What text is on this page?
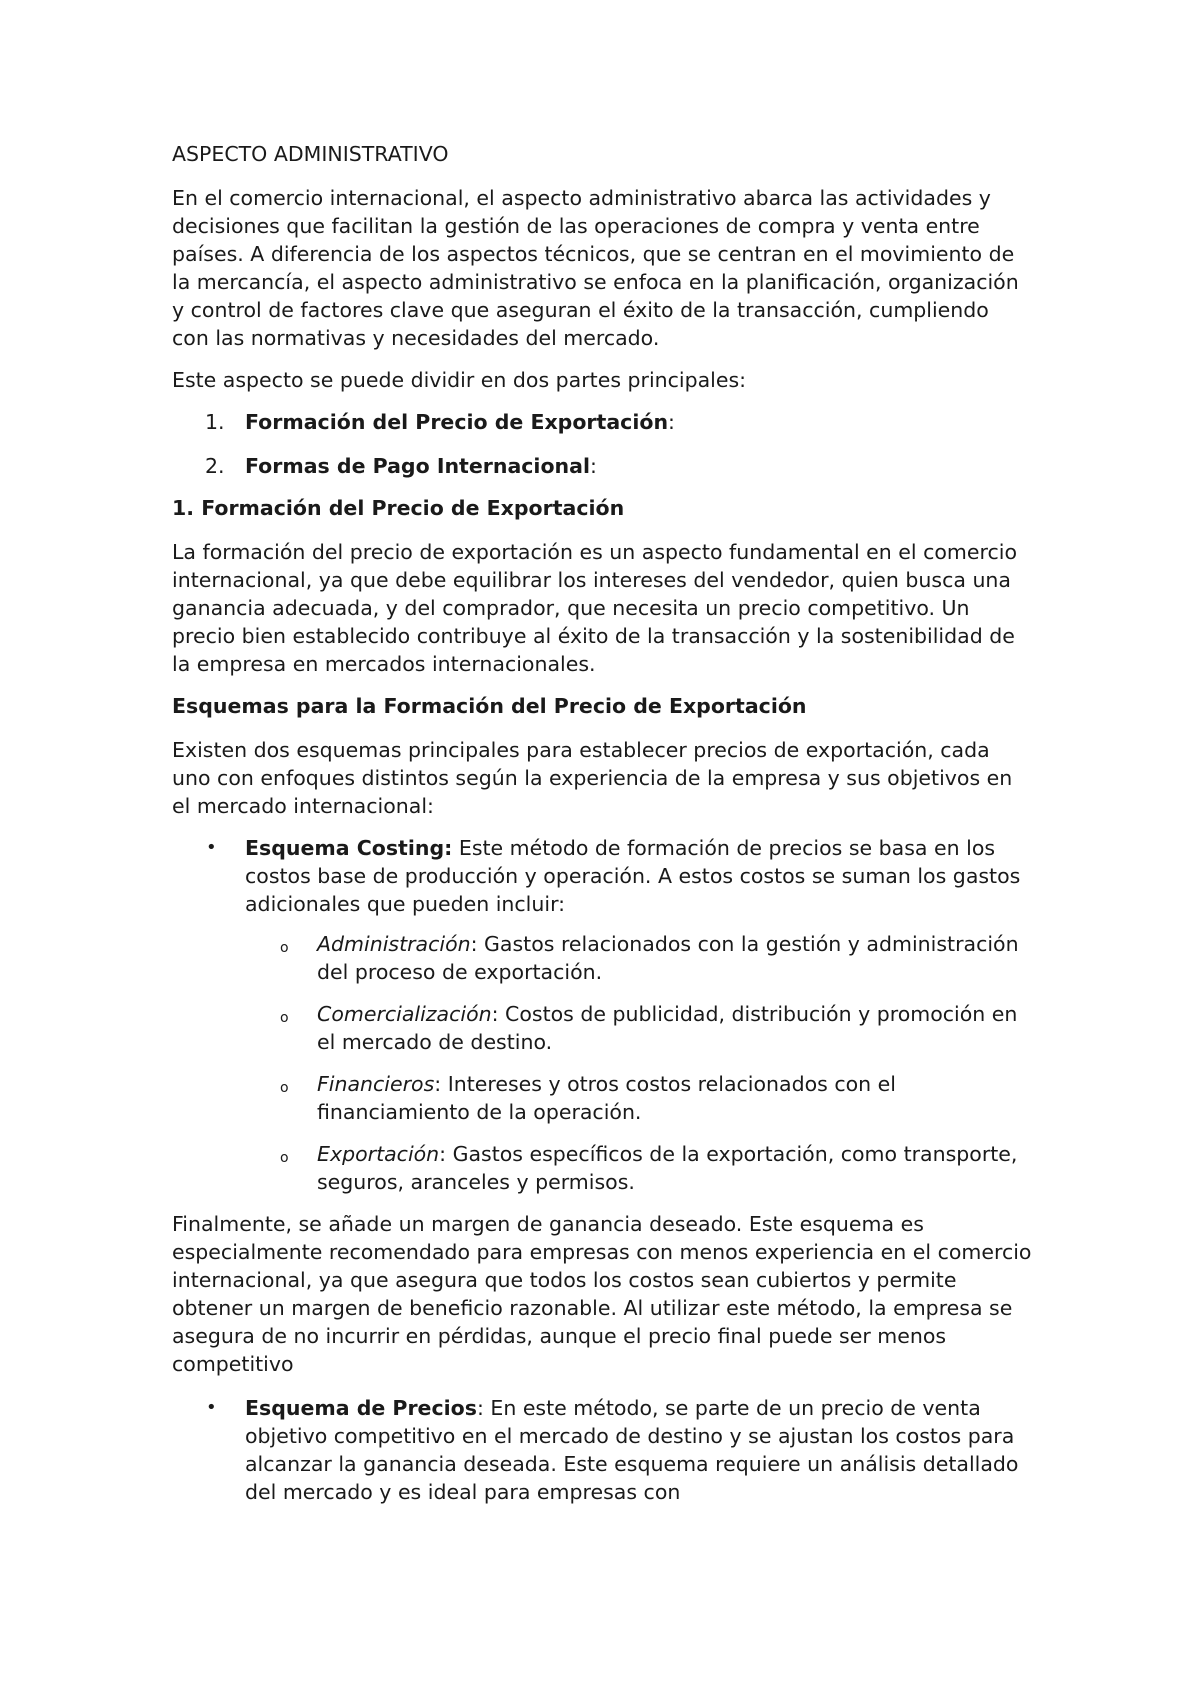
ASPECTO ADMINISTRATIVO

En el comercio internacional, el aspecto administrativo abarca las actividades y decisiones que facilitan la gestión de las operaciones de compra y venta entre países. A diferencia de los aspectos técnicos, que se centran en el movimiento de la mercancía, el aspecto administrativo se enfoca en la planificación, organización y control de factores clave que aseguran el éxito de la transacción, cumpliendo con las normativas y necesidades del mercado.

Este aspecto se puede dividir en dos partes principales:

1. Formación del Precio de Exportación:
2. Formas de Pago Internacional:

1. Formación del Precio de Exportación

La formación del precio de exportación es un aspecto fundamental en el comercio internacional, ya que debe equilibrar los intereses del vendedor, quien busca una ganancia adecuada, y del comprador, que necesita un precio competitivo. Un precio bien establecido contribuye al éxito de la transacción y la sostenibilidad de la empresa en mercados internacionales.

Esquemas para la Formación del Precio de Exportación

Existen dos esquemas principales para establecer precios de exportación, cada uno con enfoques distintos según la experiencia de la empresa y sus objetivos en el mercado internacional:

•	Esquema Costing: Este método de formación de precios se basa en los costos base de producción y operación. A estos costos se suman los gastos adicionales que pueden incluir:
o	Administración: Gastos relacionados con la gestión y administración del proceso de exportación.
o	Comercialización: Costos de publicidad, distribución y promoción en el mercado de destino.
o	Financieros: Intereses y otros costos relacionados con el financiamiento de la operación.
o	Exportación: Gastos específicos de la exportación, como transporte, seguros, aranceles y permisos.

Finalmente, se añade un margen de ganancia deseado. Este esquema es especialmente recomendado para empresas con menos experiencia en el comercio internacional, ya que asegura que todos los costos sean cubiertos y permite obtener un margen de beneficio razonable. Al utilizar este método, la empresa se asegura de no incurrir en pérdidas, aunque el precio final puede ser menos competitivo

•	Esquema de Precios: En este método, se parte de un precio de venta objetivo competitivo en el mercado de destino y se ajustan los costos para alcanzar la ganancia deseada. Este esquema requiere un análisis detallado del mercado y es ideal para empresas con
